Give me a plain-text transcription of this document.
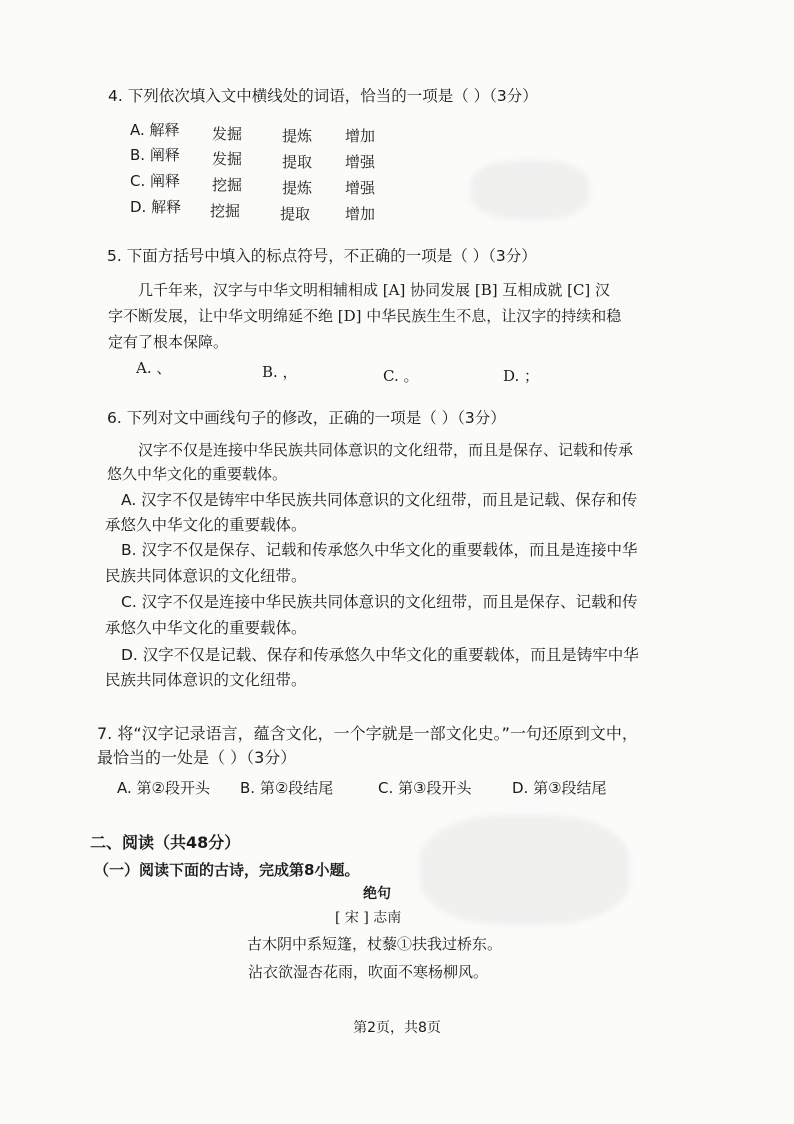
4. 下列依次填入文中横线处的词语，恰当的一项是（ ）（3分）
A. 解释 发掘	提炼 增加
B. 阐释 发掘	提取 增强
C. 阐释 挖掘	提炼 增强
D. 解释 挖掘	提取 增加
5. 下面方括号中填入的标点符号，不正确的一项是（ ）（3分）
几千年来，汉字与中华文明相辅相成 [A] 协同发展 [B] 互相成就 [C] 汉
字不断发展，让中华文明绵延不绝 [D] 中华民族生生不息，让汉字的持续和稳
定有了根本保障。
A. 、	B. ，	C. 。	D. ；
6. 下列对文中画线句子的修改，正确的一项是（ ）（3分）
汉字不仅是连接中华民族共同体意识的文化纽带，而且是保存、记载和传承
悠久中华文化的重要载体。
A. 汉字不仅是铸牢中华民族共同体意识的文化纽带，而且是记载、保存和传
承悠久中华文化的重要载体。
B. 汉字不仅是保存、记载和传承悠久中华文化的重要载体，而且是连接中华
民族共同体意识的文化纽带。
C. 汉字不仅是连接中华民族共同体意识的文化纽带，而且是保存、记载和传
承悠久中华文化的重要载体。
D. 汉字不仅是记载、保存和传承悠久中华文化的重要载体，而且是铸牢中华
民族共同体意识的文化纽带。
7. 将“汉字记录语言，蕴含文化，一个字就是一部文化史。”一句还原到文中，
最恰当的一处是（ ）（3分）
A. 第②段开头 B. 第②段结尾	C. 第③段开头	D. 第③段结尾
二、阅读（共48分）
（一）阅读下面的古诗，完成第8小题。
绝句
[ 宋 ] 志南
古木阴中系短篷，杖藜①扶我过桥东。
沾衣欲湿杏花雨，吹面不寒杨柳风。
第2页，共8页
